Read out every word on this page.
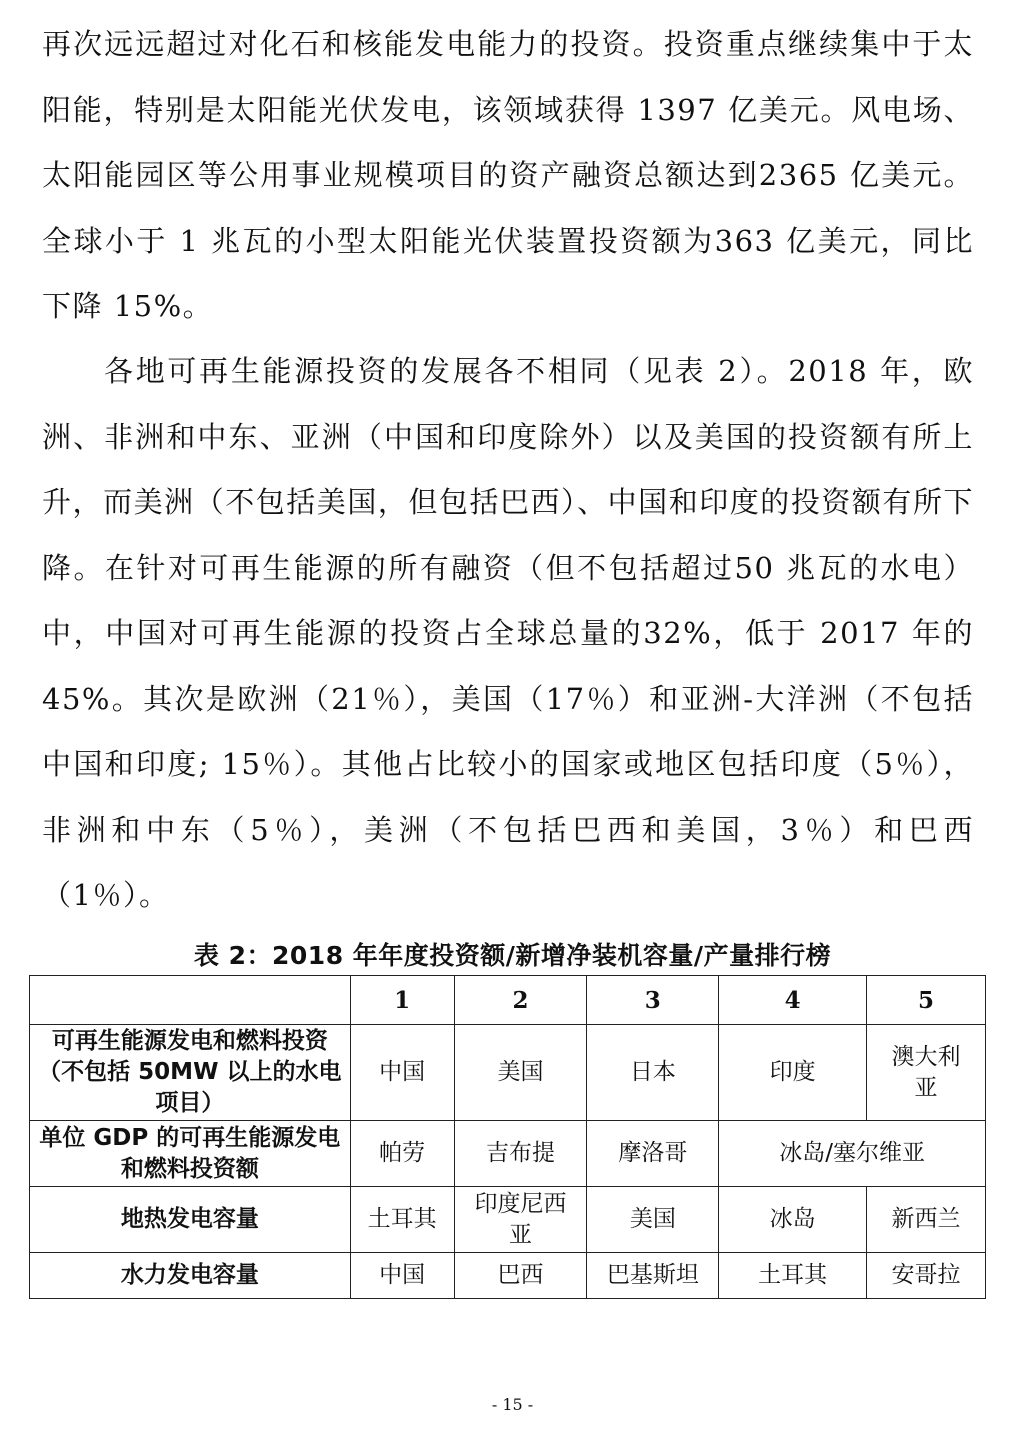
再次远远超过对化石和核能发电能力的投资。投资重点继续集中于太阳能，特别是太阳能光伏发电，该领域获得 1397 亿美元。风电场、太阳能园区等公用事业规模项目的资产融资总额达到2365 亿美元。全球小于 1 兆瓦的小型太阳能光伏装置投资额为363 亿美元，同比下降 15%。

各地可再生能源投资的发展各不相同（见表 2）。2018 年，欧洲、非洲和中东、亚洲（中国和印度除外）以及美国的投资额有所上升，而美洲（不包括美国，但包括巴西）、中国和印度的投资额有所下降。在针对可再生能源的所有融资（但不包括超过50 兆瓦的水电）中，中国对可再生能源的投资占全球总量的32%，低于 2017 年的 45%。其次是欧洲（21％），美国（17％）和亚洲-大洋洲（不包括中国和印度; 15％）。其他占比较小的国家或地区包括印度（5％），非洲和中东（5％），美洲（不包括巴西和美国，3％）和巴西（1％）。

表 2：2018 年年度投资额/新增净装机容量/产量排行榜
	1	2	3	4	5
可再生能源发电和燃料投资（不包括 50MW 以上的水电项目）	中国	美国	日本	印度	澳大利亚
单位 GDP 的可再生能源发电和燃料投资额	帕劳	吉布提	摩洛哥	冰岛/塞尔维亚	
地热发电容量	土耳其	印度尼西亚	美国	冰岛	新西兰
水力发电容量	中国	巴西	巴基斯坦	土耳其	安哥拉
- 15 -
